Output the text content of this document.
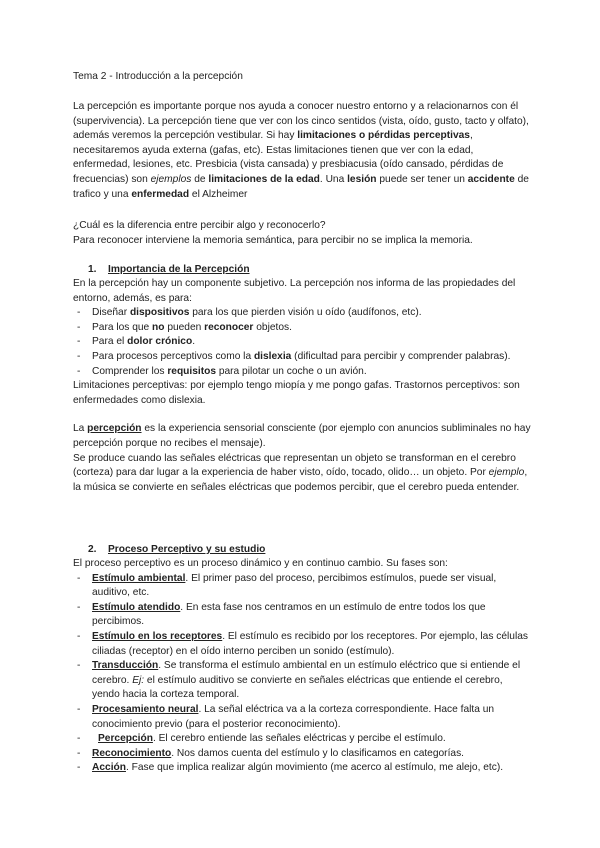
Tema 2 - Introducción a la percepción
La percepción es importante porque nos ayuda a conocer nuestro entorno y a relacionarnos con él (supervivencia). La percepción tiene que ver con los cinco sentidos (vista, oído, gusto, tacto y olfato), además veremos la percepción vestibular. Si hay limitaciones o pérdidas perceptivas, necesitaremos ayuda externa (gafas, etc). Estas limitaciones tienen que ver con la edad, enfermedad, lesiones, etc. Presbicia (vista cansada) y presbiacusia (oído cansado, pérdidas de frecuencias) son ejemplos de limitaciones de la edad. Una lesión puede ser tener un accidente de trafico y una enfermedad el Alzheimer
¿Cuál es la diferencia entre percibir algo y reconocerlo?
Para reconocer interviene la memoria semántica, para percibir no se implica la memoria.
1. Importancia de la Percepción
En la percepción hay un componente subjetivo. La percepción nos informa de las propiedades del entorno, además, es para:
- Diseñar dispositivos para los que pierden visión u oído (audífonos, etc).
- Para los que no pueden reconocer objetos.
- Para el dolor crónico.
- Para procesos perceptivos como la dislexia (dificultad para percibir y comprender palabras).
- Comprender los requisitos para pilotar un coche o un avión.
Limitaciones perceptivas: por ejemplo tengo miopía y me pongo gafas. Trastornos perceptivos: son enfermedades como dislexia.
La percepción es la experiencia sensorial consciente (por ejemplo con anuncios subliminales no hay percepción porque no recibes el mensaje).
Se produce cuando las señales eléctricas que representan un objeto se transforman en el cerebro (corteza) para dar lugar a la experiencia de haber visto, oído, tocado, olido… un objeto. Por ejemplo, la música se convierte en señales eléctricas que podemos percibir, que el cerebro pueda entender.
2. Proceso Perceptivo y su estudio
El proceso perceptivo es un proceso dinámico y en continuo cambio. Su fases son:
- Estímulo ambiental. El primer paso del proceso, percibimos estímulos, puede ser visual, auditivo, etc.
- Estímulo atendido. En esta fase nos centramos en un estímulo de entre todos los que percibimos.
- Estímulo en los receptores. El estímulo es recibido por los receptores. Por ejemplo, las células ciliadas (receptor) en el oído interno perciben un sonido (estímulo).
- Transducción. Se transforma el estímulo ambiental en un estímulo eléctrico que si entiende el cerebro. Ej: el estímulo auditivo se convierte en señales eléctricas que entiende el cerebro, yendo hacia la corteza temporal.
- Procesamiento neural. La señal eléctrica va a la corteza correspondiente. Hace falta un conocimiento previo (para el posterior reconocimiento).
- Percepción. El cerebro entiende las señales eléctricas y percibe el estímulo.
- Reconocimiento. Nos damos cuenta del estímulo y lo clasificamos en categorías.
- Acción. Fase que implica realizar algún movimiento (me acerco al estímulo, me alejo, etc).
